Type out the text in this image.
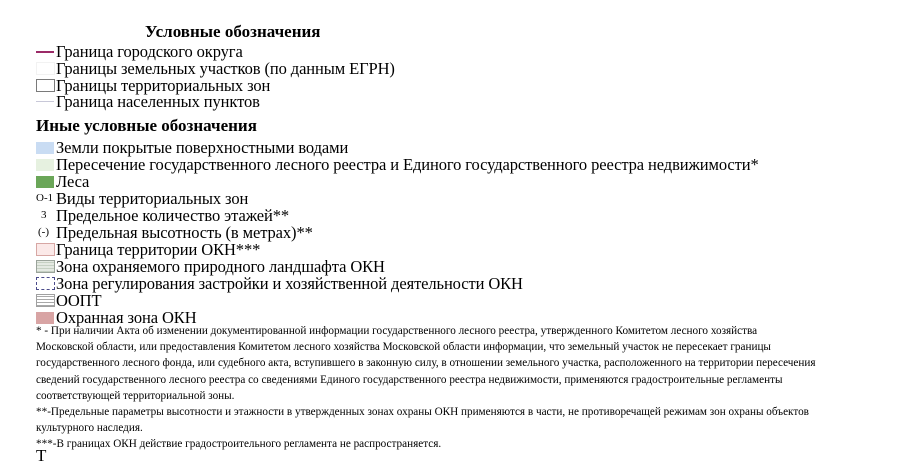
Условные обозначения
Граница городского округа
Границы земельных участков (по данным ЕГРН)
Границы территориальных зон
Граница населенных пунктов
Иные условные обозначения
Земли покрытые поверхностными водами
Пересечение государственного лесного реестра и Единого государственного реестра недвижимости*
Леса
О-1 Виды территориальных зон
3 Предельное количество этажей**
(-) Предельная высотность (в метрах)**
Граница территории ОКН***
Зона охраняемого природного ландшафта ОКН
Зона регулирования застройки и хозяйственной деятельности ОКН
ООПТ
Охранная зона ОКН

* - При наличии Акта об изменении документированной информации государственного лесного реестра, утвержденного Комитетом лесного хозяйства

Московской области, или предоставления Комитетом лесного хозяйства Московской области информации, что земельный участок не пересекает границы

государственного лесного фонда, или судебного акта, вступившего в законную силу, в отношении земельного участка, расположенного на территории пересечения

сведений государственного лесного реестра со сведениями Единого государственного реестра недвижимости, применяются градостроительные регламенты

соответствующей территориальной зоны.

**-Предельные параметры высотности и этажности в утвержденных зонах охраны ОКН применяются в части, не противоречащей режимам зон охраны объектов

культурного наследия.

***-В границах ОКН действие градостроительного регламента не распространяется.

Т
